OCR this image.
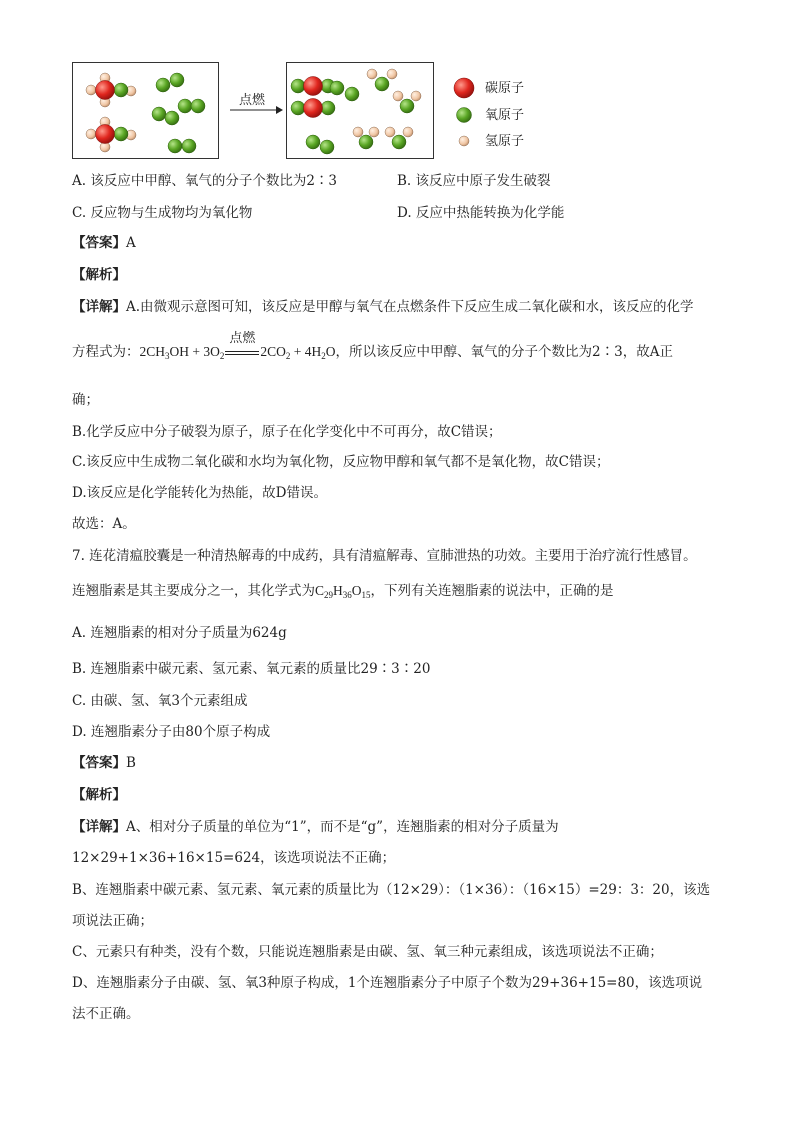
点燃
碳原子
氧原子
氢原子
A. 该反应中甲醇、氧气的分子个数比为2∶3	B. 该反应中原子发生破裂
C. 反应物与生成物均为氧化物	D. 反应中热能转换为化学能
【答案】A
【解析】
【详解】A.由微观示意图可知，该反应是甲醇与氧气在点燃条件下反应生成二氧化碳和水，该反应的化学
方程式为：$2CH_3OH + 3O_2$
点燃
$2CO_2 + 4H_2O$，所以该反应中甲醇、氧气的分子个数比为2∶3，故A正
确；
B.化学反应中分子破裂为原子，原子在化学变化中不可再分，故C错误；
C.该反应中生成物二氧化碳和水均为氧化物，反应物甲醇和氧气都不是氧化物，故C错误；
D.该反应是化学能转化为热能，故D错误。
故选：A。
7. 连花清瘟胶囊是一种清热解毒的中成药，具有清瘟解毒、宣肺泄热的功效。主要用于治疗流行性感冒。
连翘脂素是其主要成分之一，其化学式为$C_{29}H_{36}O_{15}$，下列有关连翘脂素的说法中，正确的是
A. 连翘脂素的相对分子质量为624g
B. 连翘脂素中碳元素、氢元素、氧元素的质量比29∶3∶20
C. 由碳、氢、氧3个元素组成
D. 连翘脂素分子由80个原子构成
【答案】B
【解析】
【详解】A、相对分子质量的单位为“1”，而不是“g”，连翘脂素的相对分子质量为
12×29+1×36+16×15=624，该选项说法不正确；
B、连翘脂素中碳元素、氢元素、氧元素的质量比为（12×29）：（1×36）：（16×15）=29：3：20，该选
项说法正确；
C、元素只有种类，没有个数，只能说连翘脂素是由碳、氢、氧三种元素组成，该选项说法不正确；
D、连翘脂素分子由碳、氢、氧3种原子构成，1个连翘脂素分子中原子个数为29+36+15=80，该选项说
法不正确。
